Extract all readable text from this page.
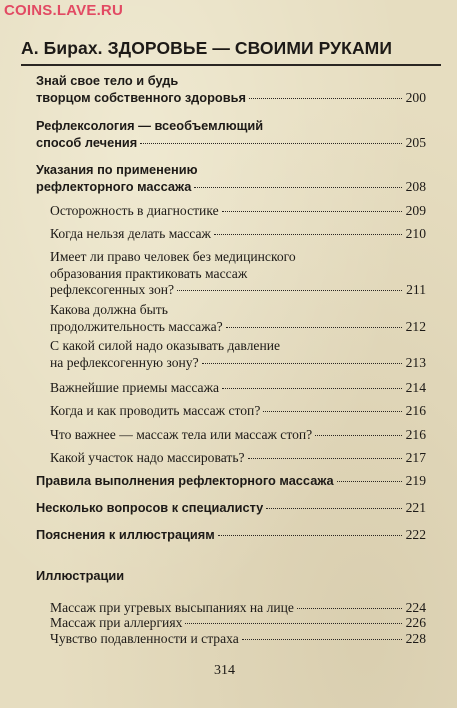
COINS.LAVE.RU
А. Бирах. ЗДОРОВЬЕ — СВОИМИ РУКАМИ
Знай свое тело и будь
творцом собственного здоровья	200
Рефлексология — всеобъемлющий
способ лечения	205
Указания по применению
рефлекторного массажа	208
Осторожность в диагностике	209
Когда нельзя делать массаж	210
Имеет ли право человек без медицинского
образования практиковать массаж
рефлексогенных зон?	211
Какова должна быть
продолжительность массажа?	212
С какой силой надо оказывать давление
на рефлексогенную зону?	213
Важнейшие приемы массажа	214
Когда и как проводить массаж стоп?	216
Что важнее — массаж тела или массаж стоп?	216
Какой участок надо массировать?	217
Правила выполнения рефлекторного массажа	219
Несколько вопросов к специалисту	221
Пояснения к иллюстрациям	222
Иллюстрации
Массаж при угревых высыпаниях на лице	224
Массаж при аллергиях	226
Чувство подавленности и страха	228
314
